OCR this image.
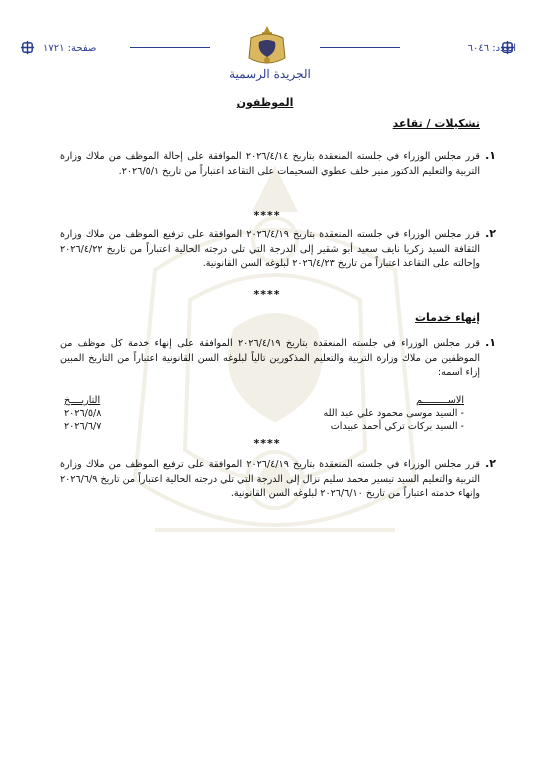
العدد: ٦٠٤٦
صفحة: ١٧٢١
الجريدة الرسمية
الموظفون
تشكيلات / تقاعد
١.
قرر مجلس الوزراء في جلسته المنعقدة بتاريخ ٢٠٢٦/٤/١٤ الموافقة على إحالة الموظف من ملاك وزارة التربية والتعليم الدكتور منير خلف عطوي السحيمات على التقاعد اعتباراً من تاريخ ٢٠٢٦/٥/١.
****
٢.
قرر مجلس الوزراء في جلسته المنعقدة بتاريخ ٢٠٢٦/٤/١٩ الموافقة على ترفيع الموظف من ملاك وزارة الثقافة السيد زكريا نايف سعيد أبو شقير إلى الدرجة التي تلي درجته الحالية اعتباراً من تاريخ ٢٠٢٦/٤/٢٢ وإحالته على التقاعد اعتباراً من تاريخ ٢٠٢٦/٤/٢٣ لبلوغه السن القانونية.
****
إنهاء خدمات
١.
قرر مجلس الوزراء في جلسته المنعقدة بتاريخ ٢٠٢٦/٤/١٩ الموافقة على إنهاء خدمة كل موظف من الموظفين من ملاك وزارة التربية والتعليم المذكورين تالياً لبلوغه السن القانونية اعتباراً من التاريخ المبين إزاء اسمه:
الاســـــــــم
التاريــــخ
- السيد موسى محمود علي عبد الله
٢٠٢٦/٥/٨
- السيد بركات تركي أحمد عبيدات
٢٠٢٦/٦/٧
****
٢.
قرر مجلس الوزراء في جلسته المنعقدة بتاريخ ٢٠٢٦/٤/١٩ الموافقة على ترفيع الموظف من ملاك وزارة التربية والتعليم السيد تيسير محمد سليم نزال إلى الدرجة التي تلي درجته الحالية اعتباراً من تاريخ ٢٠٢٦/٦/٩ وإنهاء خدمته اعتباراً من تاريخ ٢٠٢٦/٦/١٠ لبلوغه السن القانونية.
